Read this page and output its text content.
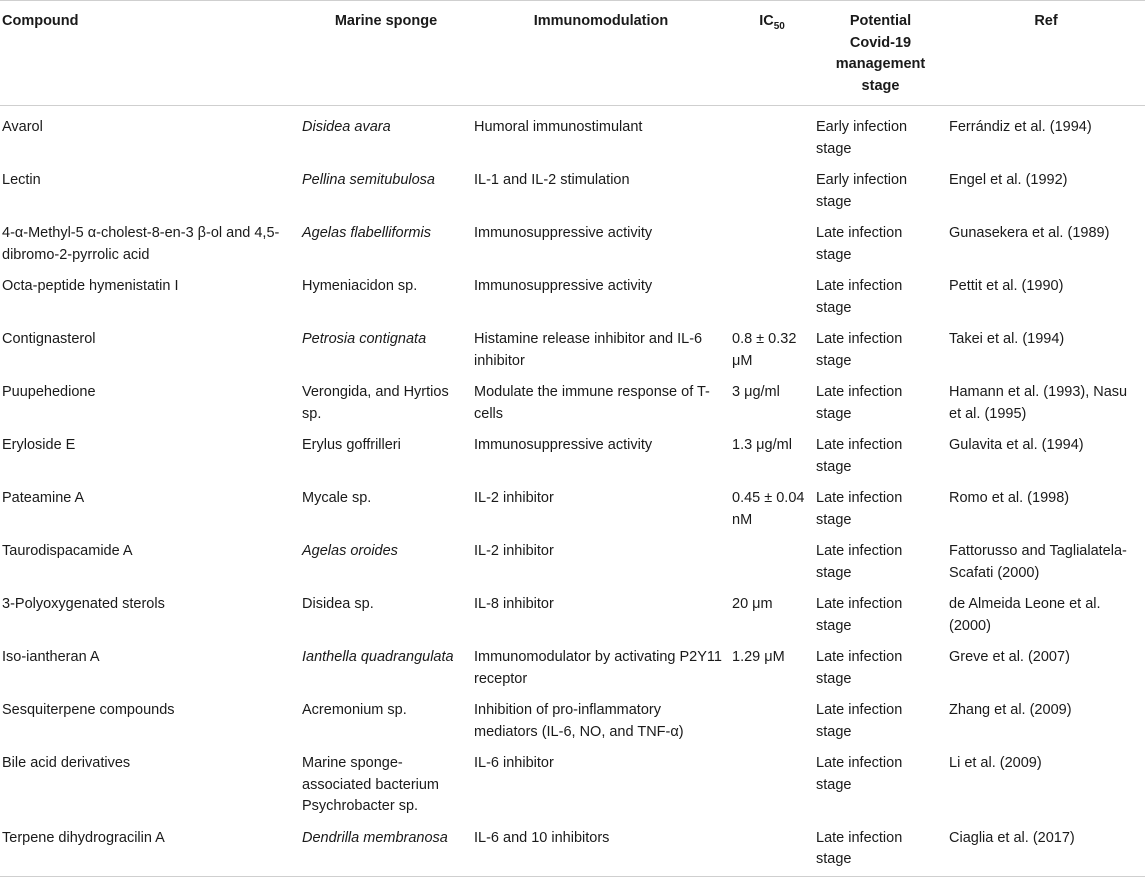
Compound	Marine sponge	Immunomodulation	$IC_{50}$	Potential Covid-19 management stage	Ref
Avarol	Disidea avara	Humoral immunostimulant		Early infection stage	Ferrándiz et al. (1994)
Lectin	Pellina semitubulosa	IL-1 and IL-2 stimulation		Early infection stage	Engel et al. (1992)
4-α-Methyl-5 α-cholest-8-en-3 β-ol and 4,5-dibromo-2-pyrrolic acid	Agelas flabelliformis	Immunosuppressive activity		Late infection stage	Gunasekera et al. (1989)
Octa-peptide hymenistatin I	Hymeniacidon sp.	Immunosuppressive activity		Late infection stage	Pettit et al. (1990)
Contignasterol	Petrosia contignata	Histamine release inhibitor and IL-6 inhibitor	0.8 ± 0.32 μM	Late infection stage	Takei et al. (1994)
Puupehedione	Verongida, and Hyrtios sp.	Modulate the immune response of T-cells	3 μg/ml	Late infection stage	Hamann et al. (1993), Nasu et al. (1995)
Eryloside E	Erylus goffrilleri	Immunosuppressive activity	1.3 μg/ml	Late infection stage	Gulavita et al. (1994)
Pateamine A	Mycale sp.	IL-2 inhibitor	0.45 ± 0.04 nM	Late infection stage	Romo et al. (1998)
Taurodispacamide A	Agelas oroides	IL-2 inhibitor		Late infection stage	Fattorusso and Taglialatela-Scafati (2000)
3-Polyoxygenated sterols	Disidea sp.	IL-8 inhibitor	20 μm	Late infection stage	de Almeida Leone et al. (2000)
Iso-iantheran A	Ianthella quadrangulata	Immunomodulator by activating P2Y11 receptor	1.29 μM	Late infection stage	Greve et al. (2007)
Sesquiterpene compounds	Acremonium sp.	Inhibition of pro-inflammatory mediators (IL-6, NO, and TNF-α)		Late infection stage	Zhang et al. (2009)
Bile acid derivatives	Marine sponge-associated bacterium Psychrobacter sp.	IL-6 inhibitor		Late infection stage	Li et al. (2009)
Terpene dihydrogracilin A	Dendrilla membranosa	IL-6 and 10 inhibitors		Late infection stage	Ciaglia et al. (2017)
